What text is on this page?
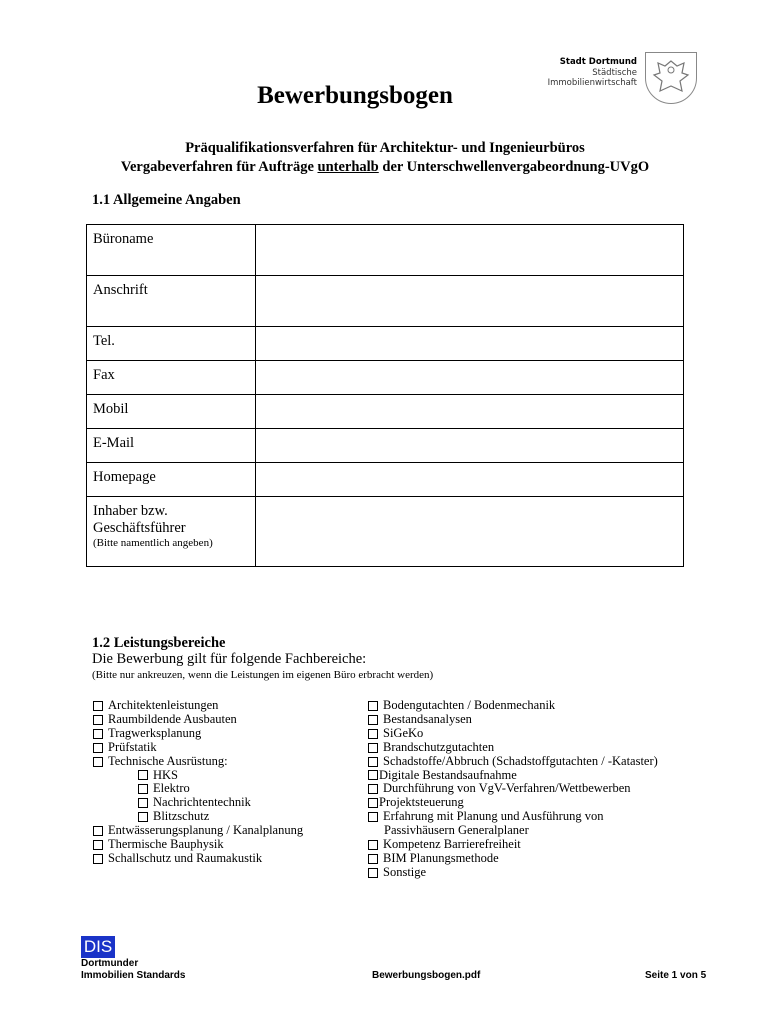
Stadt Dortmund
Städtische
Immobilienwirtschaft
Bewerbungsbogen
Präqualifikationsverfahren für Architektur- und Ingenieurbüros
Vergabeverfahren für Aufträge unterhalb der Unterschwellenvergabeordnung-UVgO
1.1 Allgemeine Angaben
Büroname	
Anschrift	
Tel.	
Fax	
Mobil	
E-Mail	
Homepage	

Inhaber bzw.
Geschäftsführer
(Bitte namentlich angeben)	

1.2 Leistungsbereiche
Die Bewerbung gilt für folgende Fachbereiche:
(Bitte nur ankreuzen, wenn die Leistungen im eigenen Büro erbracht werden)
Architektenleistungen
Raumbildende Ausbauten
Tragwerksplanung
Prüfstatik
Technische Ausrüstung:
HKS
Elektro
Nachrichtentechnik
Blitzschutz
Entwässerungsplanung / Kanalplanung
Thermische Bauphysik
Schallschutz und Raumakustik
Bodengutachten / Bodenmechanik
Bestandsanalysen
SiGeKo
Brandschutzgutachten
Schadstoffe/Abbruch (Schadstoffgutachten / -Kataster)
Digitale Bestandsaufnahme
Durchführung von VgV-Verfahren/Wettbewerben
Projektsteuerung
Erfahrung mit Planung und Ausführung von
Passivhäusern Generalplaner
Kompetenz Barrierefreiheit
BIM Planungsmethode
Sonstige
DIS
Dortmunder
Immobilien Standards	Bewerbungsbogen.pdf	Seite 1 von 5
